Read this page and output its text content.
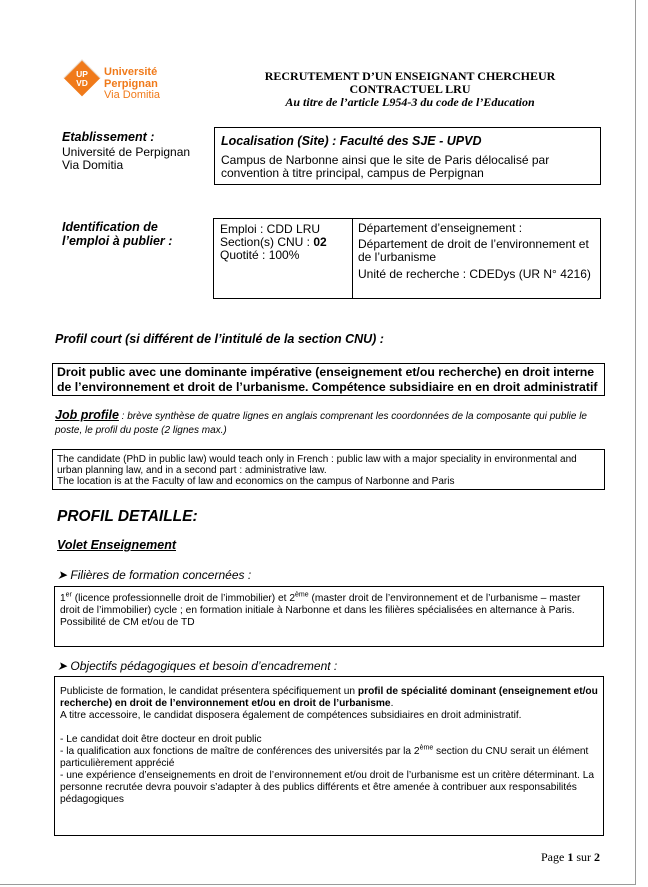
UP
VD
Université
Perpignan
Via Domitia
RECRUTEMENT D’UN ENSEIGNANT CHERCHEUR
CONTRACTUEL LRU
Au titre de l’article L954-3 du code de l’Education
Etablissement :
Université de Perpignan
Via Domitia
Localisation (Site) : Faculté des SJE - UPVD
Campus de Narbonne ainsi que le site de Paris délocalisé par convention à titre principal, campus de Perpignan
Identification de
l’emploi à publier :
Emploi : CDD LRU
Section(s) CNU : 02
Quotité : 100%
Département d’enseignement :
Département de droit de l’environnement et de l’urbanisme
Unité de recherche : CDEDys (UR N° 4216)
Profil court (si différent de l’intitulé de la section CNU) :
Droit public avec une dominante impérative (enseignement et/ou recherche) en droit interne de l’environnement et droit de l’urbanisme. Compétence subsidiaire en en droit administratif
Job profile : brève synthèse de quatre lignes en anglais comprenant les coordonnées de la composante qui publie le poste, le profil du poste (2 lignes max.)
The candidate (PhD in public law) would teach only in French : public law with a major speciality in environmental and urban planning law, and in a second part : administrative law.
The location is at the Faculty of law and economics on the campus of Narbonne and Paris
PROFIL DETAILLE:
Volet Enseignement
➤ Filières de formation concernées :
1er (licence professionnelle droit de l’immobilier) et 2ème (master droit de l’environnement et de l’urbanisme – master droit de l’immobilier) cycle ; en formation initiale à Narbonne et dans les filières spécialisées en alternance à Paris. Possibilité de CM et/ou de TD
➤ Objectifs pédagogiques et besoin d’encadrement :
Publiciste de formation, le candidat présentera spécifiquement un profil de spécialité dominant (enseignement et/ou recherche) en droit de l’environnement et/ou en droit de l’urbanisme.
A titre accessoire, le candidat disposera également de compétences subsidiaires en droit administratif.
- Le candidat doit être docteur en droit public
- la qualification aux fonctions de maître de conférences des universités par la 2ème section du CNU serait un élément particulièrement apprécié
- une expérience d’enseignements en droit de l’environnement et/ou droit de l’urbanisme est un critère déterminant. La personne recrutée devra pouvoir s’adapter à des publics différents et être amenée à contribuer aux responsabilités pédagogiques
Page 1 sur 2
